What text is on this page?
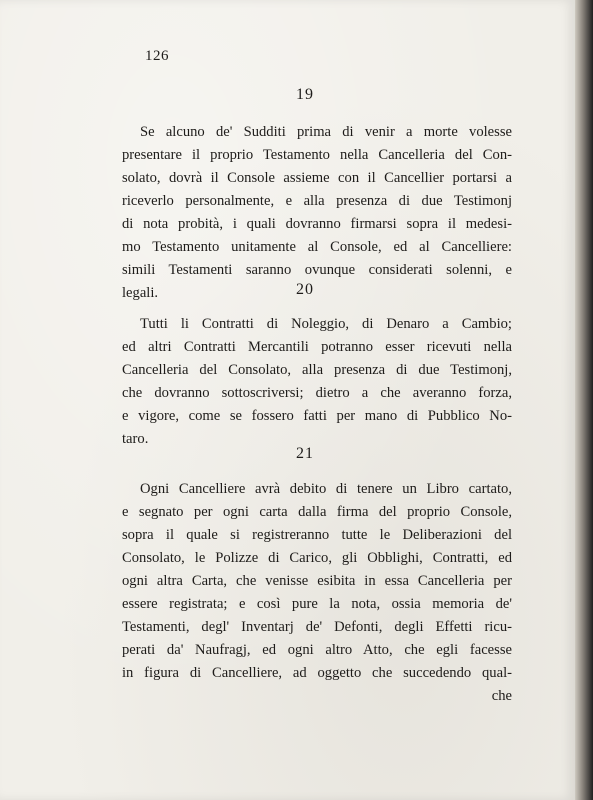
126
19
Se alcuno de' Sudditi prima di venir a morte volesse
presentare il proprio Testamento nella Cancelleria del Con-
solato, dovrà il Console assieme con il Cancellier portarsi a
riceverlo personalmente, e alla presenza di due Testimonj
di nota probità, i quali dovranno firmarsi sopra il medesi-
mo Testamento unitamente al Console, ed al Cancelliere:
simili Testamenti saranno ovunque considerati solenni, e
legali.	20
Tutti li Contratti di Noleggio, di Denaro a Cambio;
ed altri Contratti Mercantili potranno esser ricevuti nella
Cancelleria del Consolato, alla presenza di due Testimonj,
che dovranno sottoscriversi; dietro a che averanno forza,
e vigore, come se fossero fatti per mano di Pubblico No-
taro.
21
Ogni Cancelliere avrà debito di tenere un Libro cartato,
e segnato per ogni carta dalla firma del proprio Console,
sopra il quale si registreranno tutte le Deliberazioni del
Consolato, le Polizze di Carico, gli Obblighi, Contratti, ed
ogni altra Carta, che venisse esibita in essa Cancelleria per
essere registrata; e così pure la nota, ossia memoria de'
Testamenti, degl' Inventarj de' Defonti, degli Effetti ricu-
perati da' Naufragj, ed ogni altro Atto, che egli facesse
in figura di Cancelliere, ad oggetto che succedendo qual-
che
